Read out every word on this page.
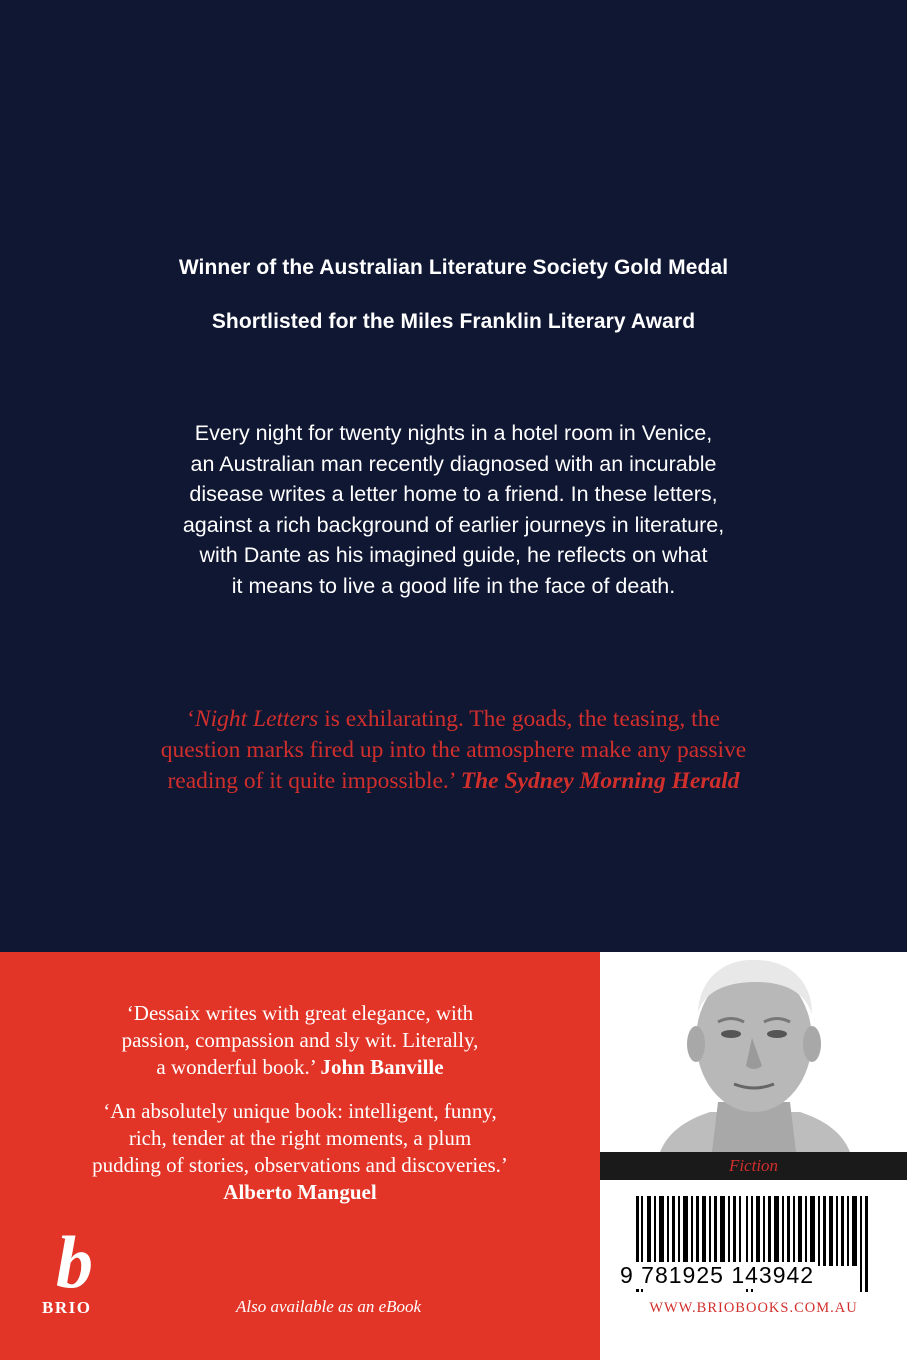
Winner of the Australian Literature Society Gold Medal

Shortlisted for the Miles Franklin Literary Award

Every night for twenty nights in a hotel room in Venice,
an Australian man recently diagnosed with an incurable
disease writes a letter home to a friend. In these letters,
against a rich background of earlier journeys in literature,
with Dante as his imagined guide, he reflects on what
it means to live a good life in the face of death.
‘Night Letters is exhilarating. The goads, the teasing, the
question marks fired up into the atmosphere make any passive
reading of it quite impossible.’ The Sydney Morning Herald
‘Dessaix writes with great elegance, with
passion, compassion and sly wit. Literally,
a wonderful book.’ John Banville
‘An absolutely unique book: intelligent, funny,
rich, tender at the right moments, a plum
pudding of stories, observations and discoveries.’
Alberto Manguel
b
BRIO	Also available as an eBook
Fiction
9 781925 143942
WWW.BRIOBOOKS.COM.AU
